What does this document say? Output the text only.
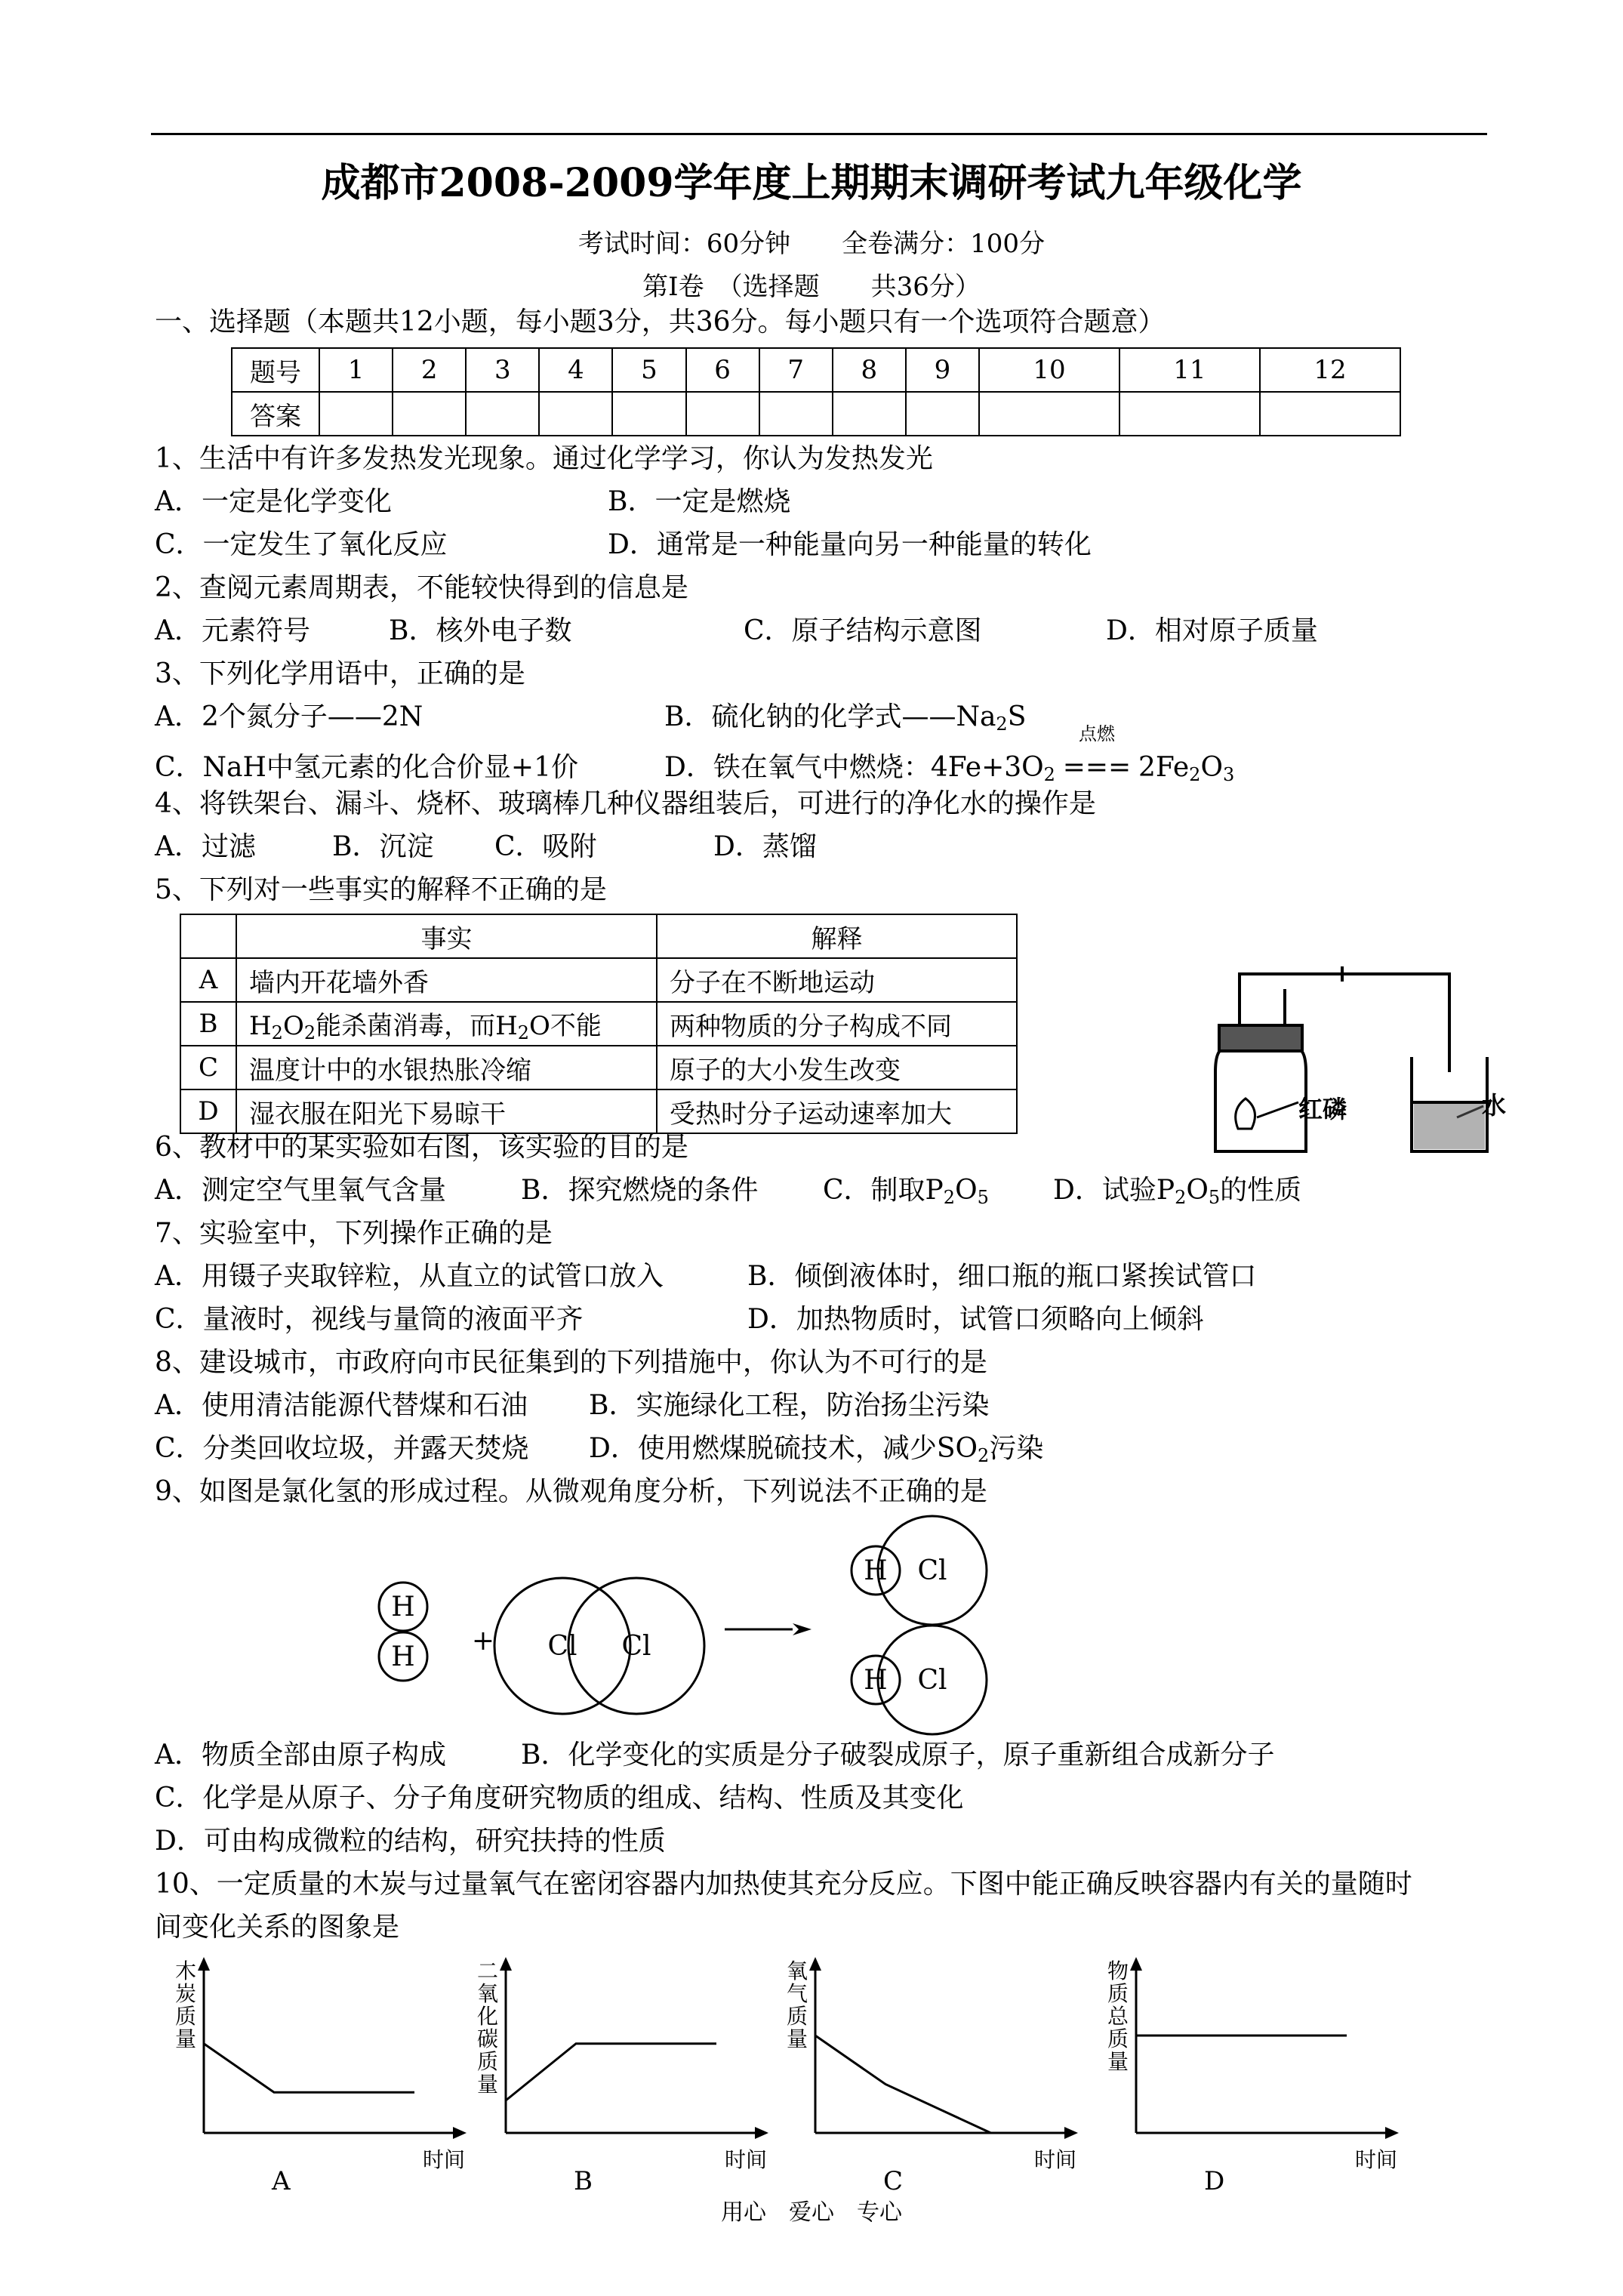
成都市2008-2009学年度上期期末调研考试九年级化学
考试时间：60分钟　　全卷满分：100分
第Ⅰ卷　（选择题　　共36分）
一、选择题（本题共12小题，每小题3分，共36分。每小题只有一个选项符合题意）
题号	1	2	3	4	5	6	7	8	9	10	11	12
答案												
1、生活中有许多发热发光现象。通过化学学习，你认为发热发光
A．一定是化学变化	B．一定是燃烧
C．一定发生了氧化反应	D．通常是一种能量向另一种能量的转化
2、查阅元素周期表，不能较快得到的信息是
A．元素符号	B．核外电子数	C．原子结构示意图	D．相对原子质量
3、下列化学用语中，正确的是
A．2个氮分子——2N	B．硫化钠的化学式$——Na_2S$
C．NaH中氢元素的化合价显+1价	D．铁在氧气中燃烧：$4Fe+3O_2$
点燃
=== $2Fe_2O_3$
4、将铁架台、漏斗、烧杯、玻璃棒几种仪器组装后，可进行的净化水的操作是
A．过滤	B．沉淀 C．吸附	D．蒸馏
5、下列对一些事实的解释不正确的是
	事实	解释
A	墙内开花墙外香	分子在不断地运动
B	$H_2O_2$能杀菌消毒，而$H_2O$不能	两种物质的分子构成不同
C	温度计中的水银热胀冷缩	原子的大小发生改变
D	湿衣服在阳光下易晾干	受热时分子运动速率加大	红磷	水
6、教材中的某实验如右图，该实验的目的是
A．测定空气里氧气含量	B．探究燃烧的条件 C．制取$P_2O_5$ D．试验$P_2O_5$的性质
7、实验室中，下列操作正确的是
A．用镊子夹取锌粒，从直立的试管口放入	B．倾倒液体时，细口瓶的瓶口紧挨试管口
C．量液时，视线与量筒的液面平齐	D．加热物质时，试管口须略向上倾斜
8、建设城市，市政府向市民征集到的下列措施中，你认为不可行的是
A．使用清洁能源代替煤和石油 B．实施绿化工程，防治扬尘污染
C．分类回收垃圾，并露天焚烧 D．使用燃煤脱硫技术，减少$SO_2$污染
9、如图是氯化氢的形成过程。从微观角度分析，下列说法不正确的是
H
H
+ Cl Cl
H Cl
H Cl
A．物质全部由原子构成	B．化学变化的实质是分子破裂成原子，原子重新组合成新分子
C．化学是从原子、分子角度研究物质的组成、结构、性质及其变化
D．可由构成微粒的结构，研究扶持的性质
10、一定质量的木炭与过量氧气在密闭容器内加热使其充分反应。下图中能正确反映容器内有关的量随时
间变化关系的图象是
木炭质量
时间
A
二氧化碳质量
时间
B
氧气质量
时间
C
物质总质量
时间
D
用心　爱心　专心
